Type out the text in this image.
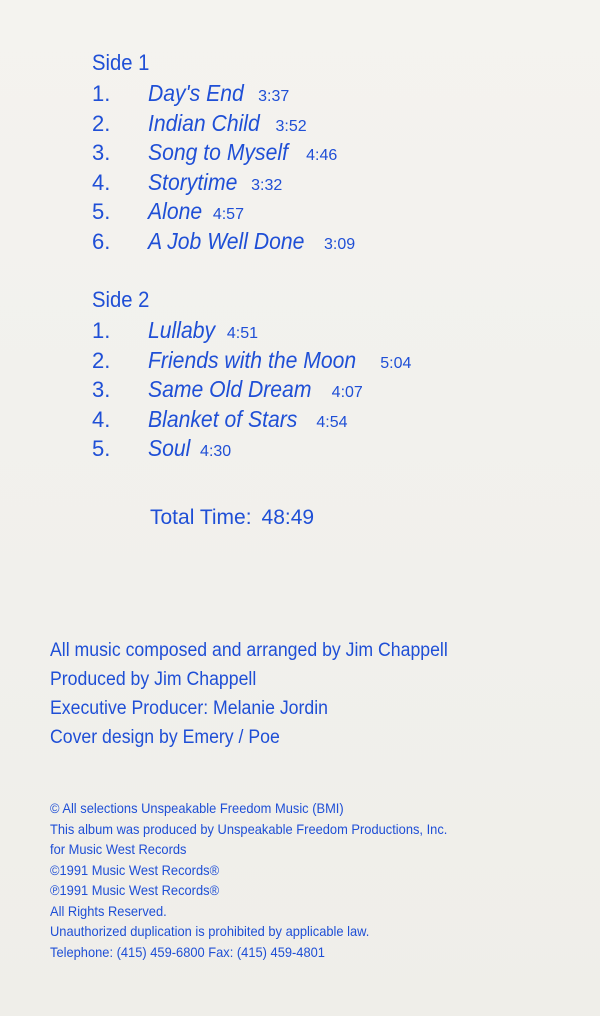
Side 1
1.	Day's End 3:37
2.	Indian Child 3:52
3.	Song to Myself 4:46
4.	Storytime 3:32
5.	Alone 4:57
6.	A Job Well Done 3:09
Side 2
1.	Lullaby 4:51
2.	Friends with the Moon 5:04
3.	Same Old Dream 4:07
4.	Blanket of Stars 4:54
5.	Soul 4:30
Total Time: 48:49
All music composed and arranged by Jim Chappell
Produced by Jim Chappell
Executive Producer: Melanie Jordin
Cover design by Emery / Poe
© All selections Unspeakable Freedom Music (BMI)
This album was produced by Unspeakable Freedom Productions, Inc.
for Music West Records
©1991 Music West Records®
℗1991 Music West Records®
All Rights Reserved.
Unauthorized duplication is prohibited by applicable law.
Telephone: (415) 459-6800 Fax: (415) 459-4801
